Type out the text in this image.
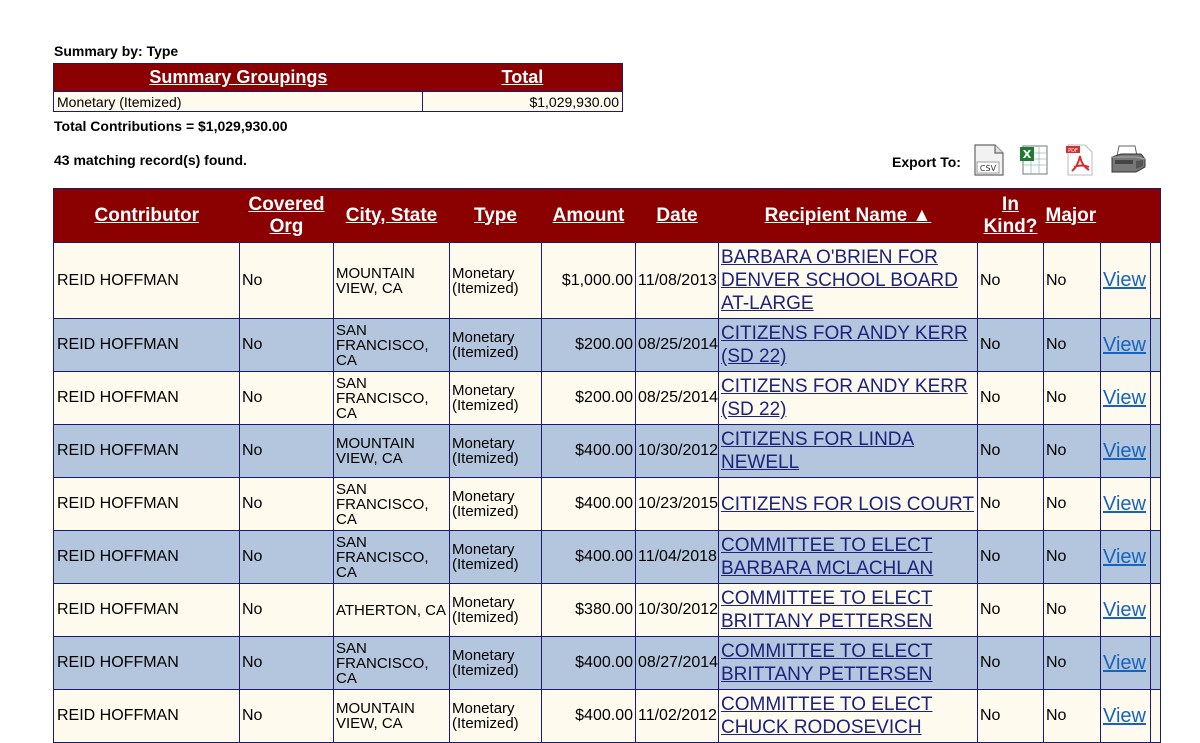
Summary by: Type
Summary Groupings	Total
Monetary (Itemized)	$1,029,930.00
Total Contributions = $1,029,930.00
43 matching record(s) found.	Export To: CSV
X	PDF
Contributor	Covered Org	City, State	Type	Amount	Date	Recipient Name ▲	In Kind?	Major		
REID HOFFMAN	No	MOUNTAIN VIEW, CA	Monetary (Itemized)	$1,000.00	11/08/2013	BARBARA O'BRIEN FOR DENVER SCHOOL BOARD AT-LARGE	No	No	View	
REID HOFFMAN	No	SAN FRANCISCO, CA	Monetary (Itemized)	$200.00	08/25/2014	CITIZENS FOR ANDY KERR (SD 22)	No	No	View	
REID HOFFMAN	No	SAN FRANCISCO, CA	Monetary (Itemized)	$200.00	08/25/2014	CITIZENS FOR ANDY KERR (SD 22)	No	No	View	
REID HOFFMAN	No	MOUNTAIN VIEW, CA	Monetary (Itemized)	$400.00	10/30/2012	CITIZENS FOR LINDA NEWELL	No	No	View	
REID HOFFMAN	No	SAN FRANCISCO, CA	Monetary (Itemized)	$400.00	10/23/2015	CITIZENS FOR LOIS COURT	No	No	View	
REID HOFFMAN	No	SAN FRANCISCO, CA	Monetary (Itemized)	$400.00	11/04/2018	COMMITTEE TO ELECT BARBARA MCLACHLAN	No	No	View	
REID HOFFMAN	No	ATHERTON, CA	Monetary (Itemized)	$380.00	10/30/2012	COMMITTEE TO ELECT BRITTANY PETTERSEN	No	No	View	
REID HOFFMAN	No	SAN FRANCISCO, CA	Monetary (Itemized)	$400.00	08/27/2014	COMMITTEE TO ELECT BRITTANY PETTERSEN	No	No	View	
REID HOFFMAN	No	MOUNTAIN VIEW, CA	Monetary (Itemized)	$400.00	11/02/2012	COMMITTEE TO ELECT CHUCK RODOSEVICH	No	No	View	
